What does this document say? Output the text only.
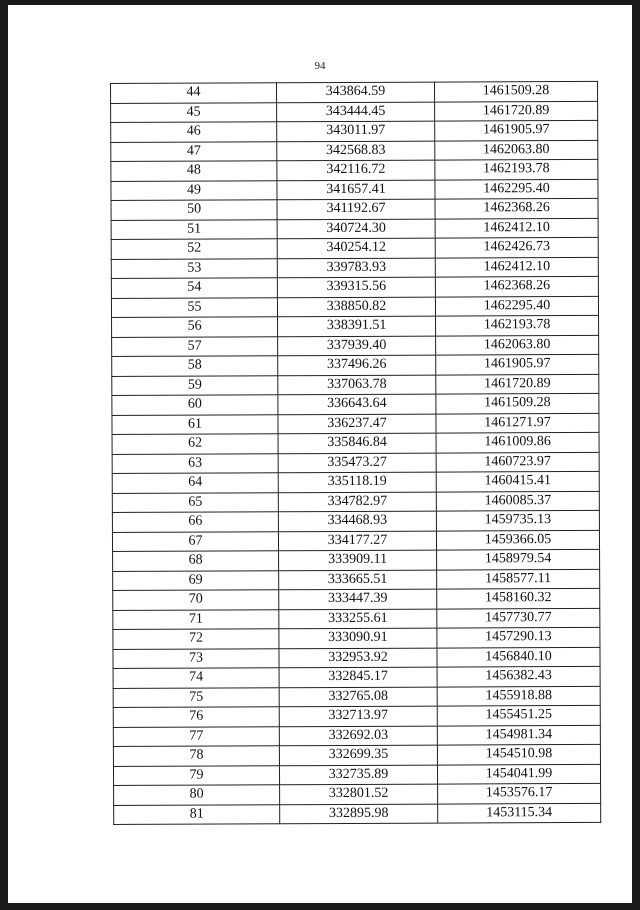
94
44	343864.59	1461509.28
45	343444.45	1461720.89
46	343011.97	1461905.97
47	342568.83	1462063.80
48	342116.72	1462193.78
49	341657.41	1462295.40
50	341192.67	1462368.26
51	340724.30	1462412.10
52	340254.12	1462426.73
53	339783.93	1462412.10
54	339315.56	1462368.26
55	338850.82	1462295.40
56	338391.51	1462193.78
57	337939.40	1462063.80
58	337496.26	1461905.97
59	337063.78	1461720.89
60	336643.64	1461509.28
61	336237.47	1461271.97
62	335846.84	1461009.86
63	335473.27	1460723.97
64	335118.19	1460415.41
65	334782.97	1460085.37
66	334468.93	1459735.13
67	334177.27	1459366.05
68	333909.11	1458979.54
69	333665.51	1458577.11
70	333447.39	1458160.32
71	333255.61	1457730.77
72	333090.91	1457290.13
73	332953.92	1456840.10
74	332845.17	1456382.43
75	332765.08	1455918.88
76	332713.97	1455451.25
77	332692.03	1454981.34
78	332699.35	1454510.98
79	332735.89	1454041.99
80	332801.52	1453576.17
81	332895.98	1453115.34
